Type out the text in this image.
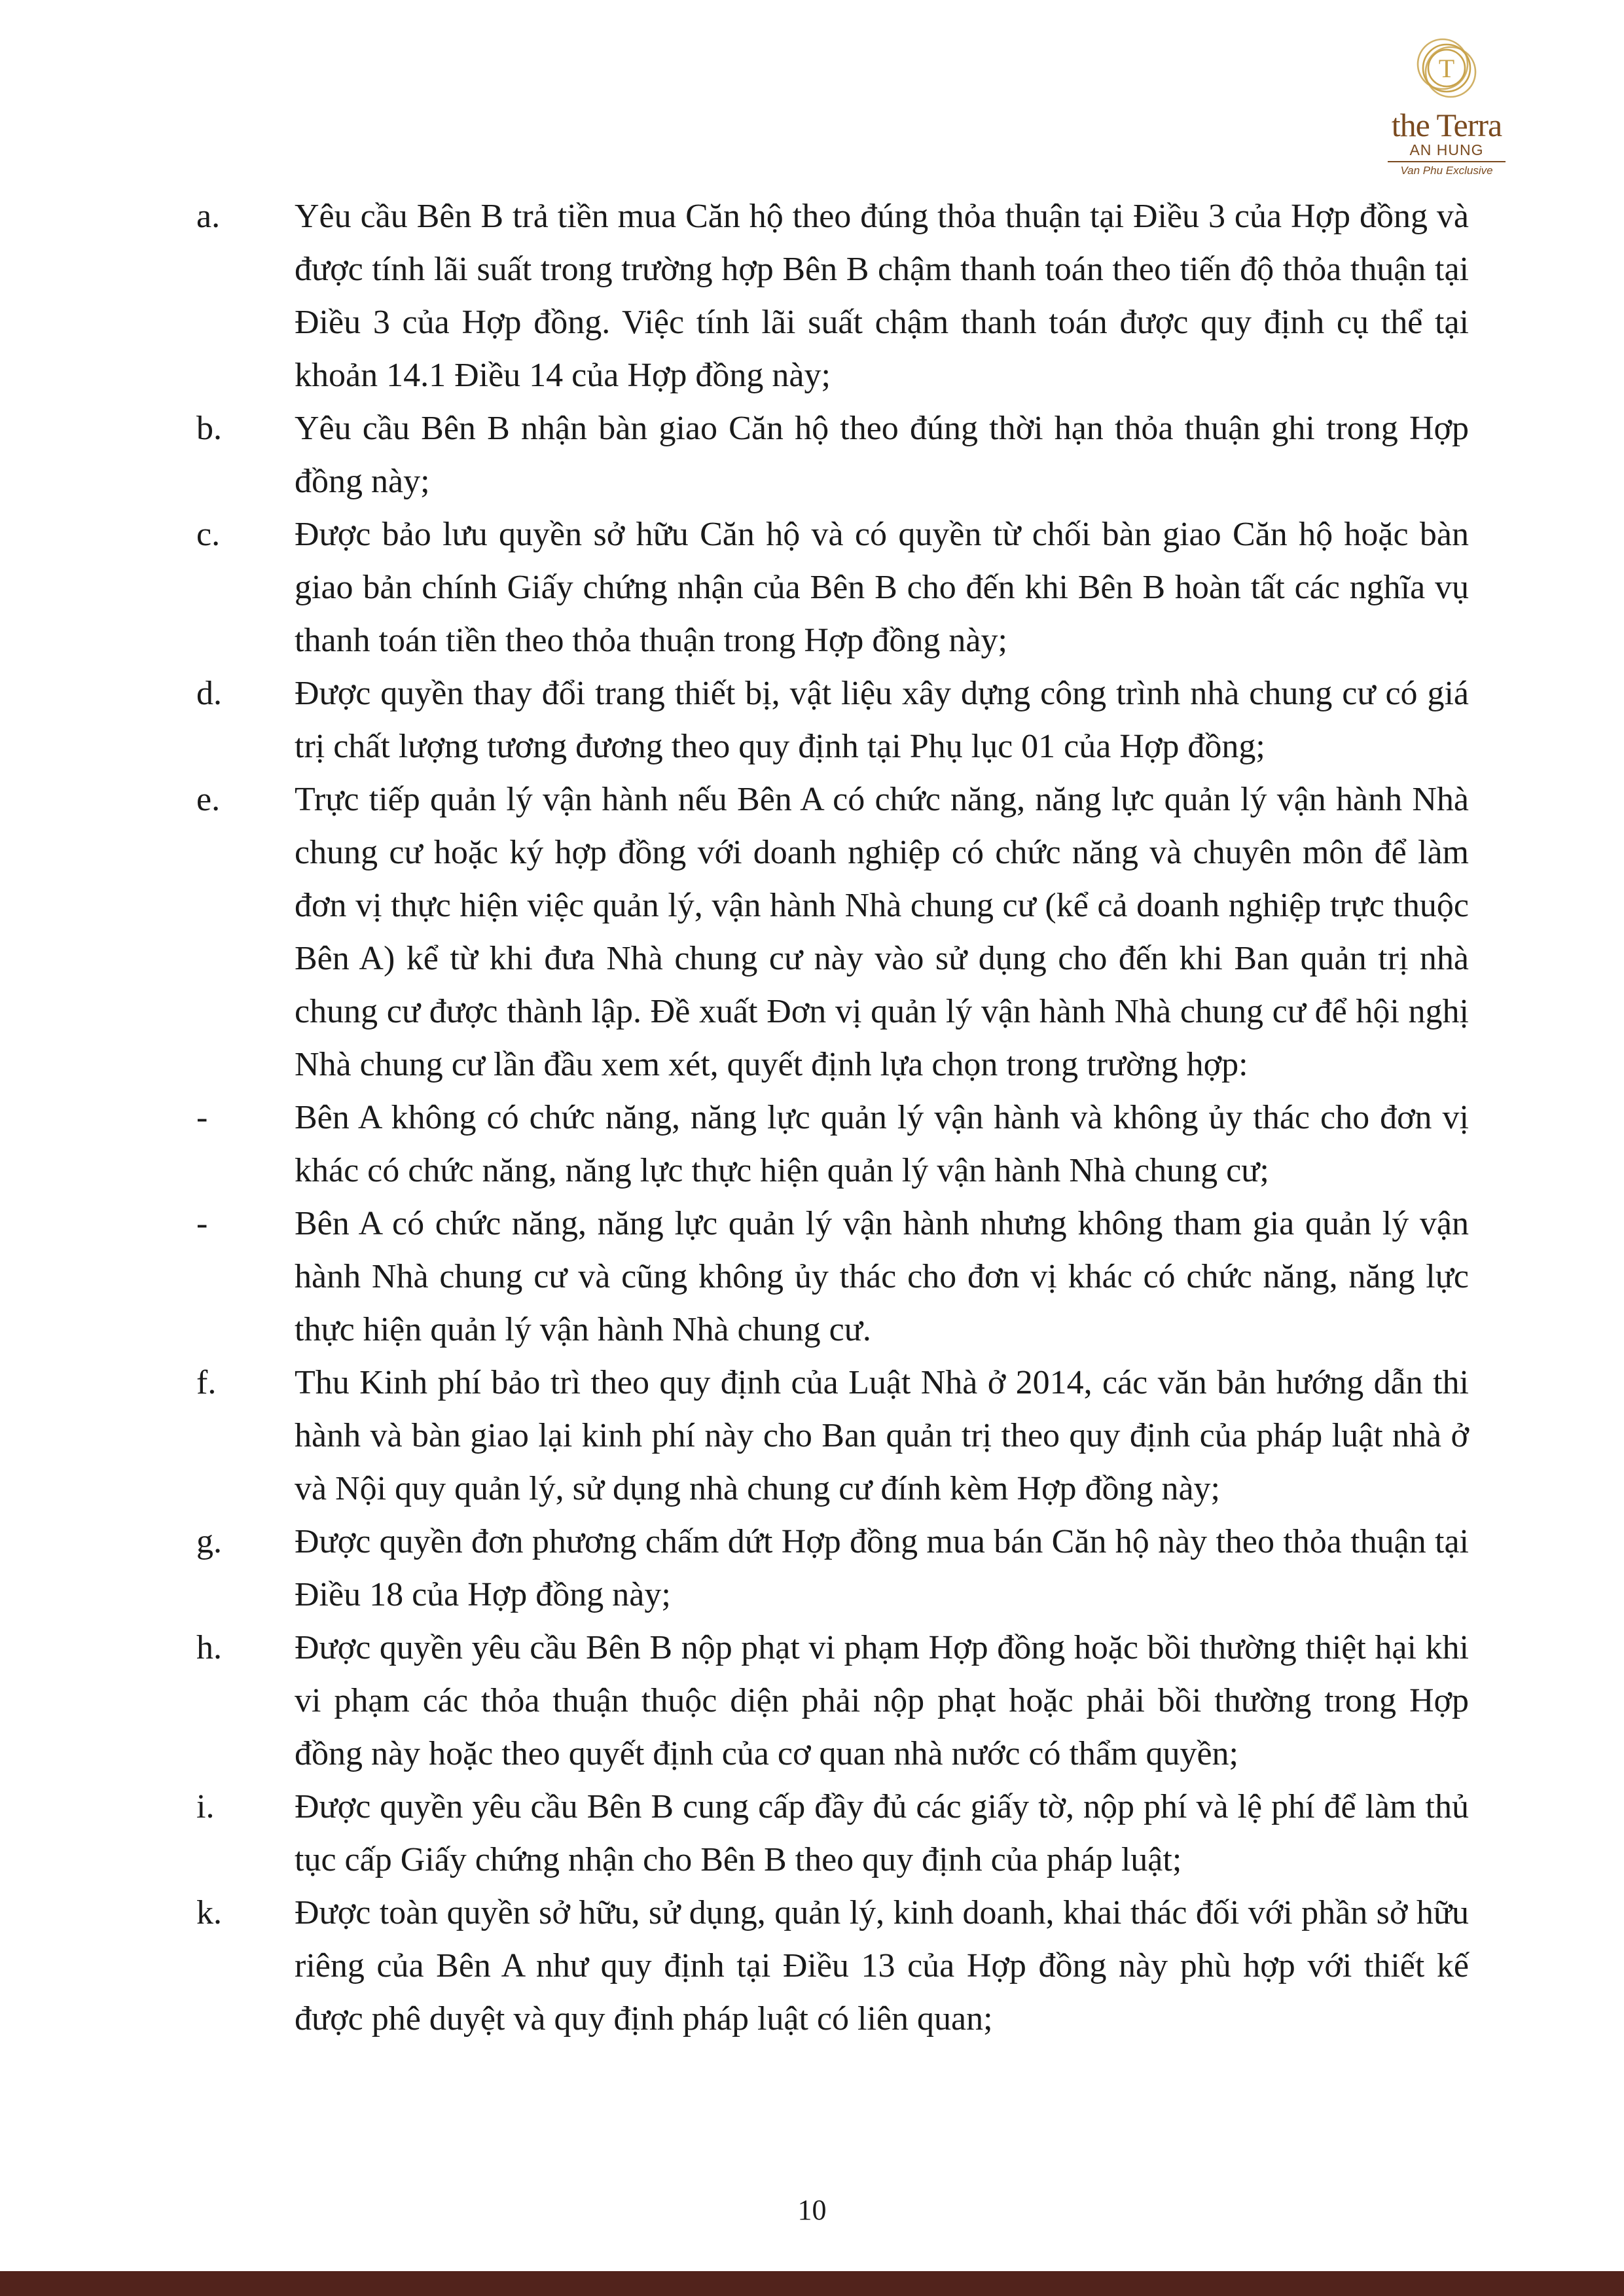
T
the Terra
AN HUNG
Van Phu Exclusive
a.	Yêu cầu Bên B trả tiền mua Căn hộ theo đúng thỏa thuận tại Điều 3 của Hợp đồng và được tính lãi suất trong trường hợp Bên B chậm thanh toán theo tiến độ thỏa thuận tại Điều 3 của Hợp đồng. Việc tính lãi suất chậm thanh toán được quy định cụ thể tại khoản 14.1 Điều 14 của Hợp đồng này;
b.	Yêu cầu Bên B nhận bàn giao Căn hộ theo đúng thời hạn thỏa thuận ghi trong Hợp đồng này;
c.	Được bảo lưu quyền sở hữu Căn hộ và có quyền từ chối bàn giao Căn hộ hoặc bàn giao bản chính Giấy chứng nhận của Bên B cho đến khi Bên B hoàn tất các nghĩa vụ thanh toán tiền theo thỏa thuận trong Hợp đồng này;
d.	Được quyền thay đổi trang thiết bị, vật liệu xây dựng công trình nhà chung cư có giá trị chất lượng tương đương theo quy định tại Phụ lục 01 của Hợp đồng;
e.	Trực tiếp quản lý vận hành nếu Bên A có chức năng, năng lực quản lý vận hành Nhà chung cư hoặc ký hợp đồng với doanh nghiệp có chức năng và chuyên môn để làm đơn vị thực hiện việc quản lý, vận hành Nhà chung cư (kể cả doanh nghiệp trực thuộc Bên A) kể từ khi đưa Nhà chung cư này vào sử dụng cho đến khi Ban quản trị nhà chung cư được thành lập. Đề xuất Đơn vị quản lý vận hành Nhà chung cư để hội nghị Nhà chung cư lần đầu xem xét, quyết định lựa chọn trong trường hợp:
-	Bên A không có chức năng, năng lực quản lý vận hành và không ủy thác cho đơn vị khác có chức năng, năng lực thực hiện quản lý vận hành Nhà chung cư;
-	Bên A có chức năng, năng lực quản lý vận hành nhưng không tham gia quản lý vận hành Nhà chung cư và cũng không ủy thác cho đơn vị khác có chức năng, năng lực thực hiện quản lý vận hành Nhà chung cư.
f.	Thu Kinh phí bảo trì theo quy định của Luật Nhà ở 2014, các văn bản hướng dẫn thi hành và bàn giao lại kinh phí này cho Ban quản trị theo quy định của pháp luật nhà ở và Nội quy quản lý, sử dụng nhà chung cư đính kèm Hợp đồng này;
g.	Được quyền đơn phương chấm dứt Hợp đồng mua bán Căn hộ này theo thỏa thuận tại Điều 18 của Hợp đồng này;
h.	Được quyền yêu cầu Bên B nộp phạt vi phạm Hợp đồng hoặc bồi thường thiệt hại khi vi phạm các thỏa thuận thuộc diện phải nộp phạt hoặc phải bồi thường trong Hợp đồng này hoặc theo quyết định của cơ quan nhà nước có thẩm quyền;
i.	Được quyền yêu cầu Bên B cung cấp đầy đủ các giấy tờ, nộp phí và lệ phí để làm thủ tục cấp Giấy chứng nhận cho Bên B theo quy định của pháp luật;
k.	Được toàn quyền sở hữu, sử dụng, quản lý, kinh doanh, khai thác đối với phần sở hữu riêng của Bên A như quy định tại Điều 13 của Hợp đồng này phù hợp với thiết kế được phê duyệt và quy định pháp luật có liên quan;
10
